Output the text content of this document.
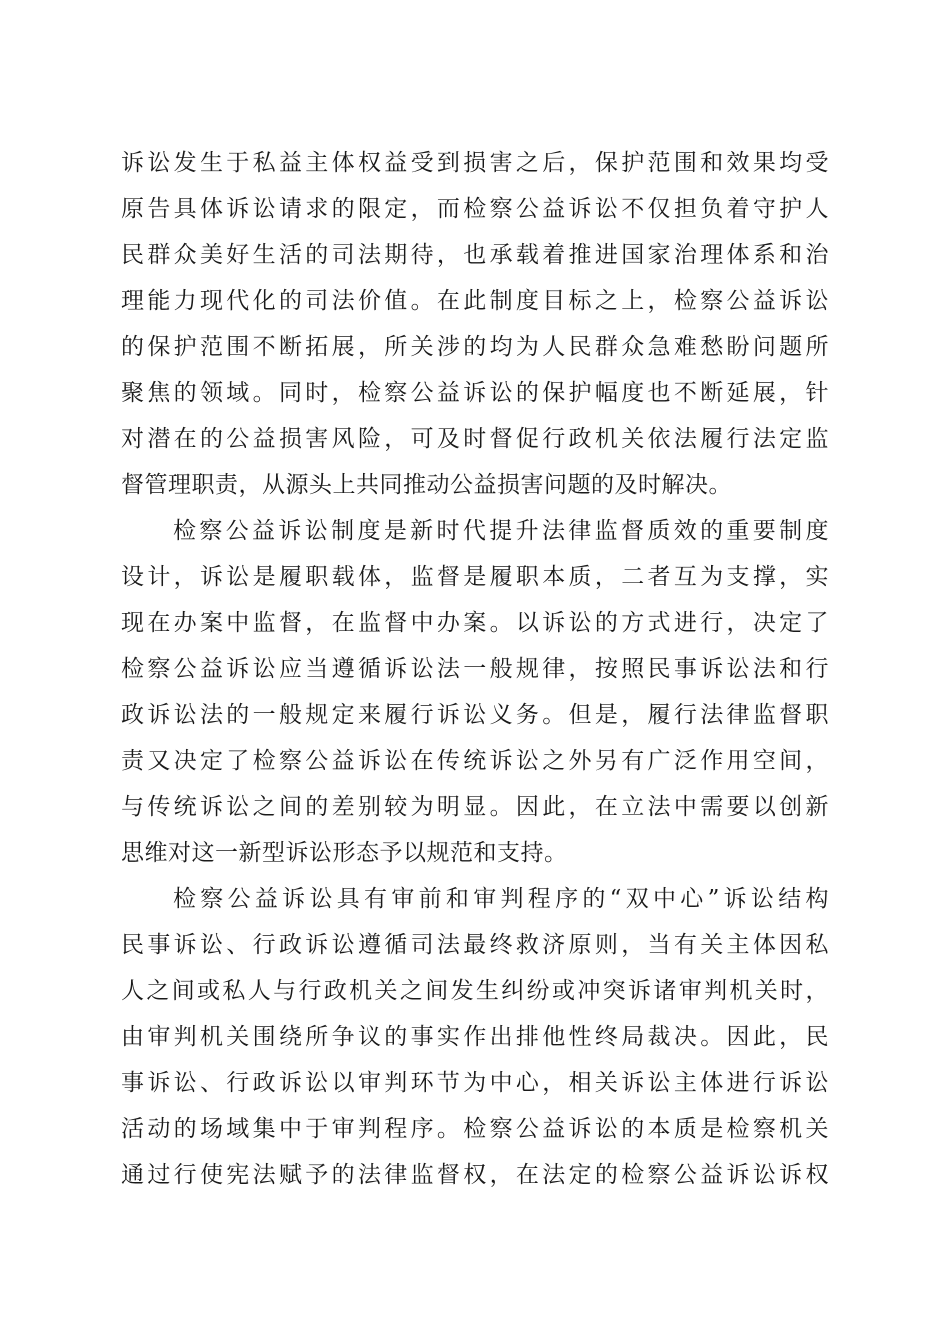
诉讼发生于私益主体权益受到损害之后，保护范围和效果均受
原告具体诉讼请求的限定，而检察公益诉讼不仅担负着守护人
民群众美好生活的司法期待，也承载着推进国家治理体系和治
理能力现代化的司法价值。在此制度目标之上，检察公益诉讼
的保护范围不断拓展，所关涉的均为人民群众急难愁盼问题所
聚焦的领域。同时，检察公益诉讼的保护幅度也不断延展，针
对潜在的公益损害风险，可及时督促行政机关依法履行法定监
督管理职责，从源头上共同推动公益损害问题的及时解决。
检察公益诉讼制度是新时代提升法律监督质效的重要制度
设计，诉讼是履职载体，监督是履职本质，二者互为支撑，实
现在办案中监督，在监督中办案。以诉讼的方式进行，决定了
检察公益诉讼应当遵循诉讼法一般规律，按照民事诉讼法和行
政诉讼法的一般规定来履行诉讼义务。但是，履行法律监督职
责又决定了检察公益诉讼在传统诉讼之外另有广泛作用空间，
与传统诉讼之间的差别较为明显。因此，在立法中需要以创新
思维对这一新型诉讼形态予以规范和支持。
检察公益诉讼具有审前和审判程序的“双中心”诉讼结构
民事诉讼、行政诉讼遵循司法最终救济原则，当有关主体因私
人之间或私人与行政机关之间发生纠纷或冲突诉诸审判机关时，
由审判机关围绕所争议的事实作出排他性终局裁决。因此，民
事诉讼、行政诉讼以审判环节为中心，相关诉讼主体进行诉讼
活动的场域集中于审判程序。检察公益诉讼的本质是检察机关
通过行使宪法赋予的法律监督权，在法定的检察公益诉讼诉权
